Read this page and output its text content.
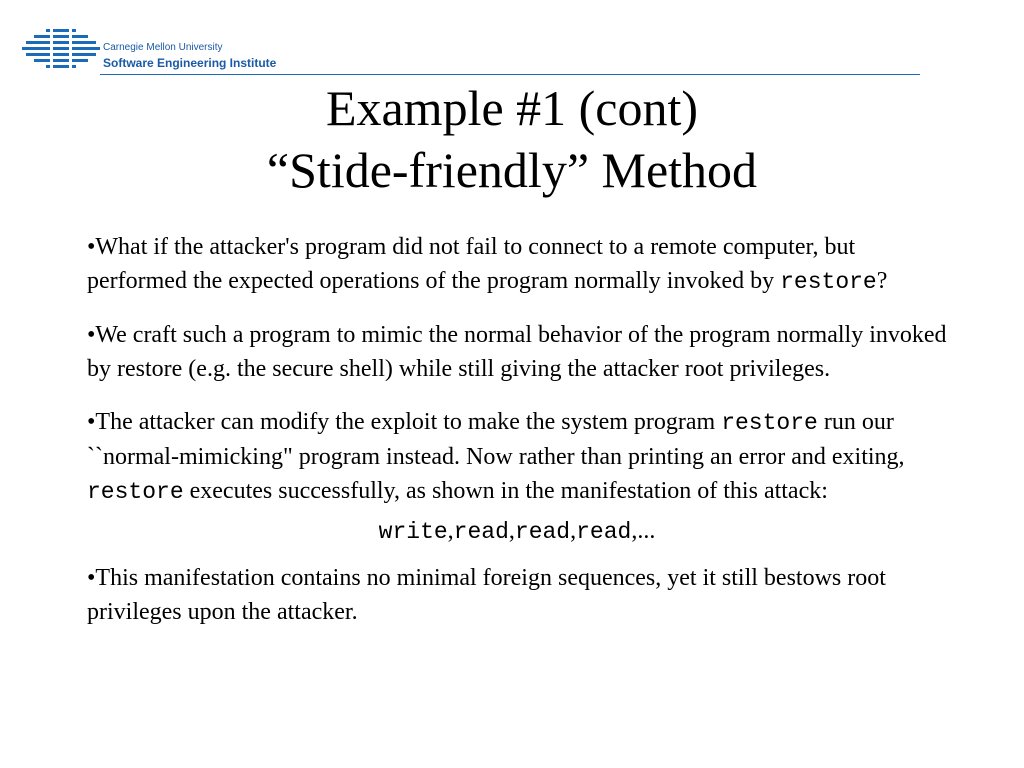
Carnegie Mellon University
Software Engineering Institute
Example #1 (cont)
“Stide-friendly” Method

•What if the attacker's program did not fail to connect to a remote computer, but performed the expected operations of the program normally invoked by restore?

•We craft such a program to mimic the normal behavior of the program normally invoked by restore (e.g. the secure shell) while still giving the attacker root privileges.

•The attacker can modify the exploit to make the system program restore run our ``normal-mimicking" program instead. Now rather than printing an error and exiting, restore executes successfully, as shown in the manifestation of this attack:

write,read,read,read,...

•This manifestation contains no minimal foreign sequences, yet it still bestows root privileges upon the attacker.
